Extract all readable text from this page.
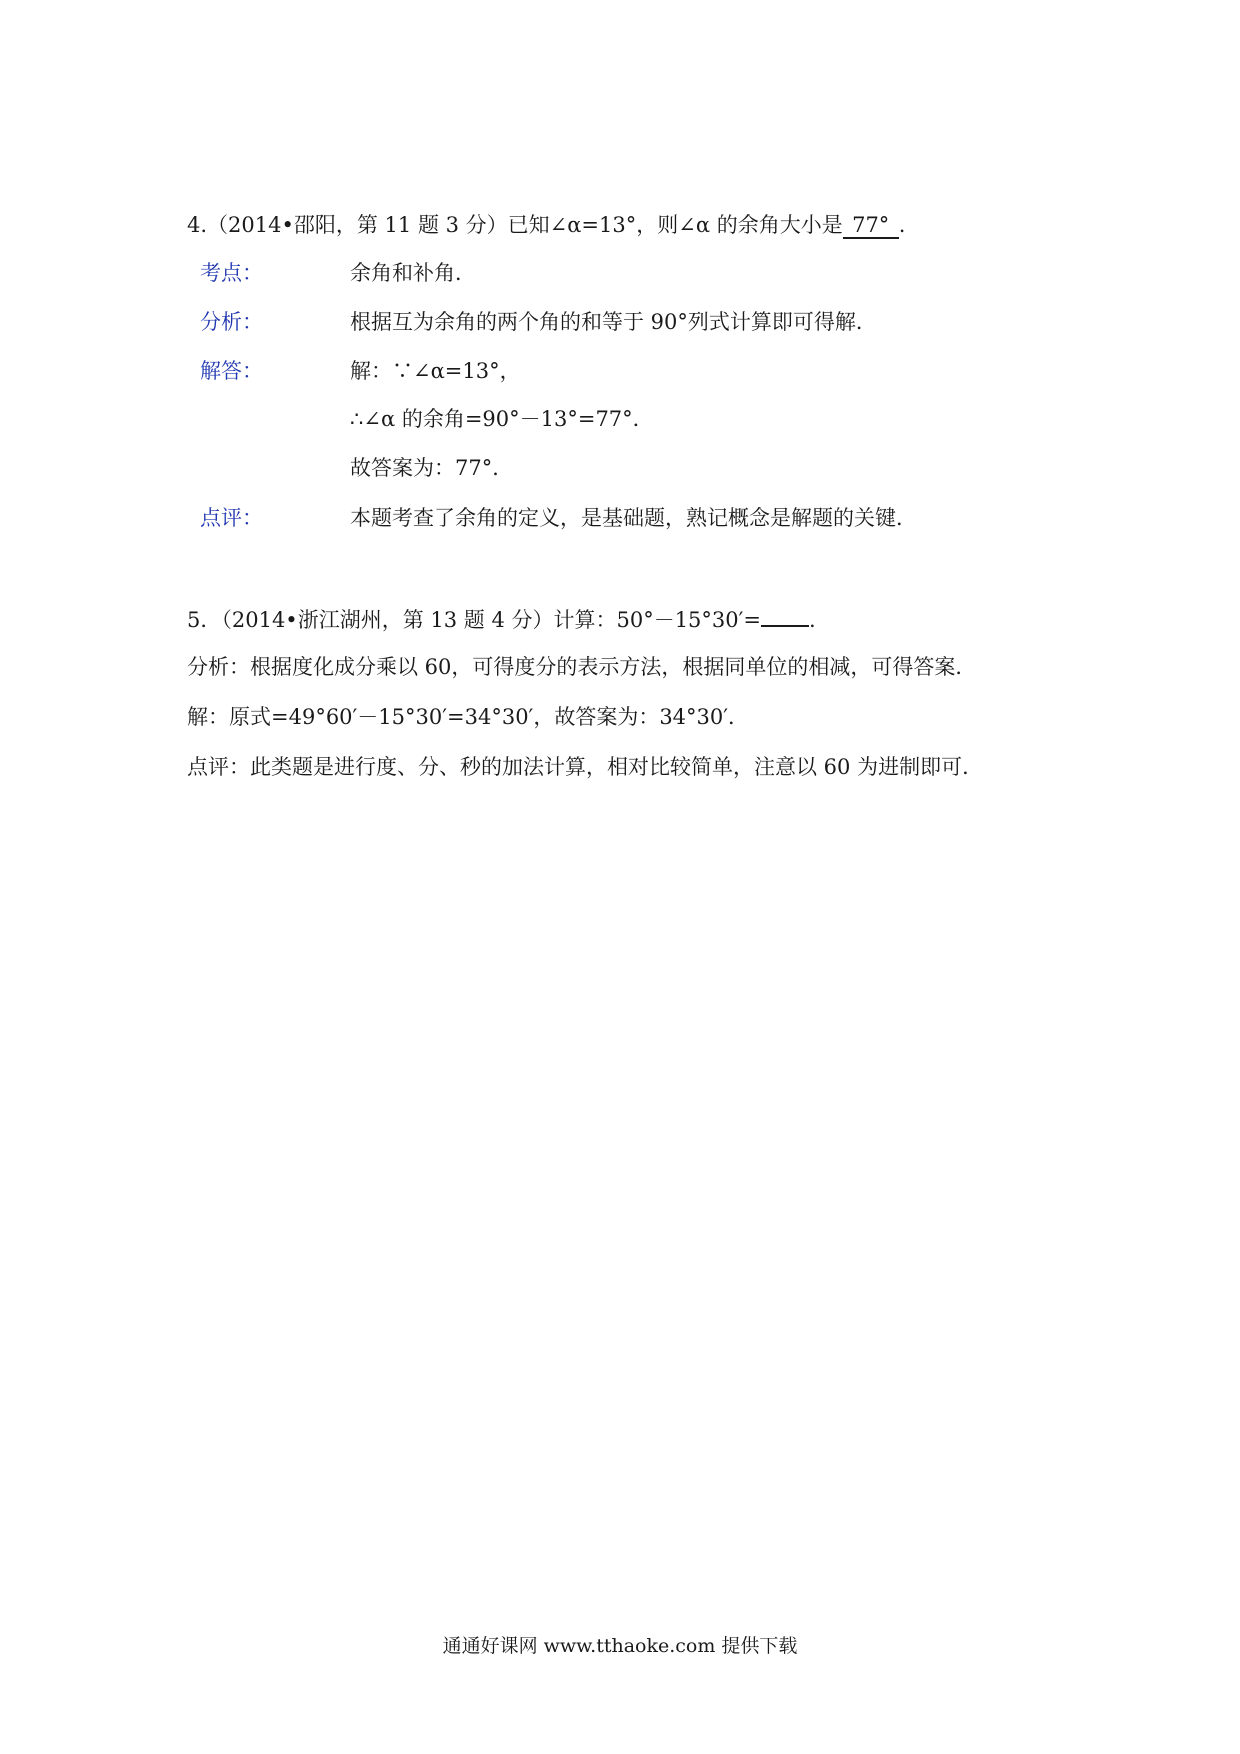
4.（2014•邵阳，第 11 题 3 分）已知∠α=13°，则∠α 的余角大小是 77° .
考点：	余角和补角．
分析：	根据互为余角的两个角的和等于 90°列式计算即可得解．
解答：	解：∵∠α=13°，
∴∠α 的余角=90°－13°=77°．
故答案为：77°．
点评：	本题考查了余角的定义，是基础题，熟记概念是解题的关键．
5．（2014•浙江湖州，第 13 题 4 分）计算：50°－15°30′= .
分析：根据度化成分乘以 60，可得度分的表示方法，根据同单位的相减，可得答案．
解：原式=49°60′－15°30′=34°30′，故答案为：34°30′．
点评：此类题是进行度、分、秒的加法计算，相对比较简单，注意以 60 为进制即可．
通通好课网 www.tthaoke.com 提供下载
